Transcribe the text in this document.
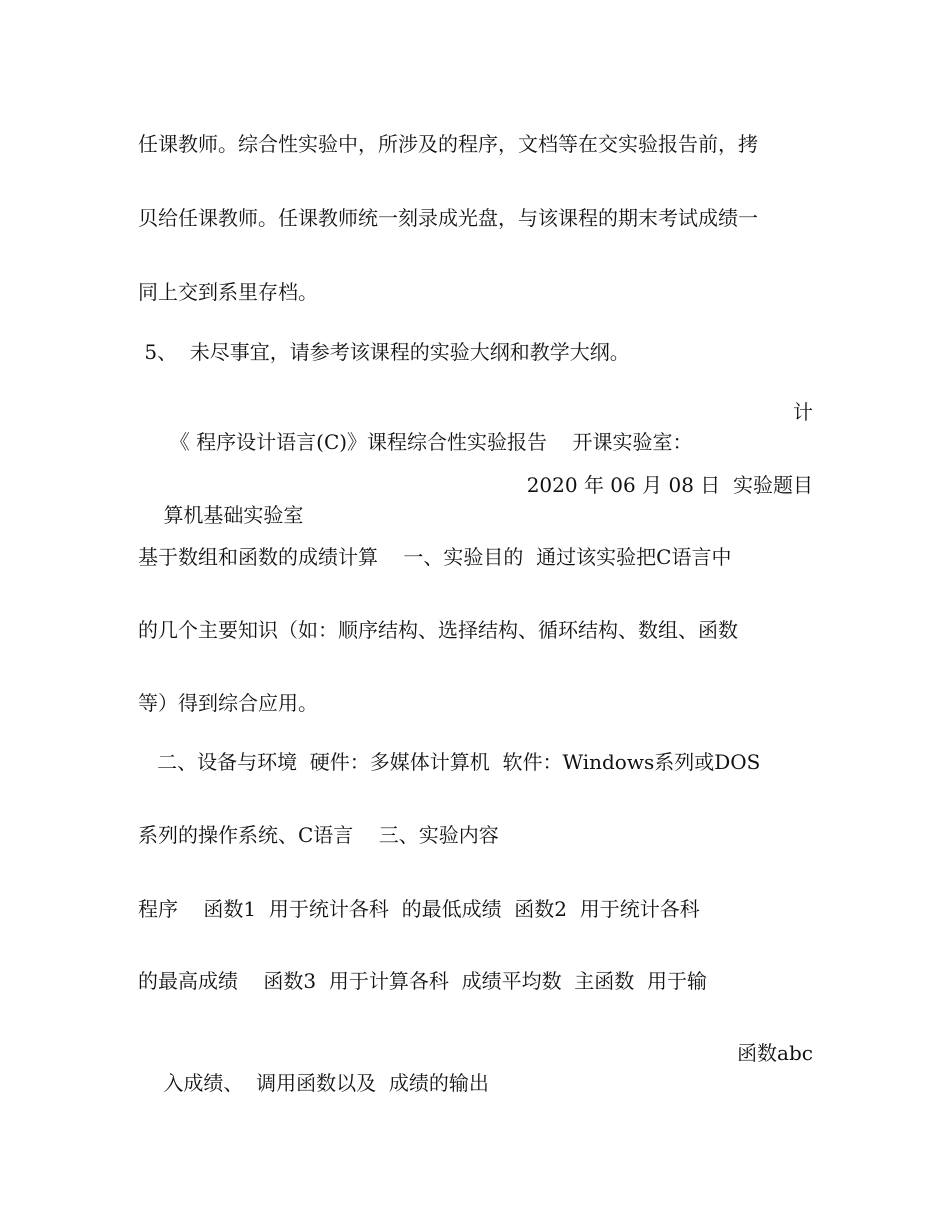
任课教师。综合性实验中，所涉及的程序，文档等在交实验报告前，拷
贝给任课教师。任课教师统一刻录成光盘，与该课程的期末考试成绩一
同上交到系里存档。
5、  未尽事宜，请参考该课程的实验大纲和教学大纲。

《 程序设计语言(C)》课程综合性实验报告    开课实验室：

计

算机基础实验室

2020 年 06 月 08 日  实验题目

基于数组和函数的成绩计算    一、实验目的  通过该实验把C语言中
的几个主要知识（如：顺序结构、选择结构、循环结构、数组、函数
等）得到综合应用。
二、设备与环境  硬件：多媒体计算机  软件：Windows系列或DOS
系列的操作系统、C语言    三、实验内容
程序    函数1  用于统计各科  的最低成绩  函数2  用于统计各科
的最高成绩    函数3  用于计算各科  成绩平均数  主函数  用于输

入成绩、  调用函数以及  成绩的输出

函数abc
